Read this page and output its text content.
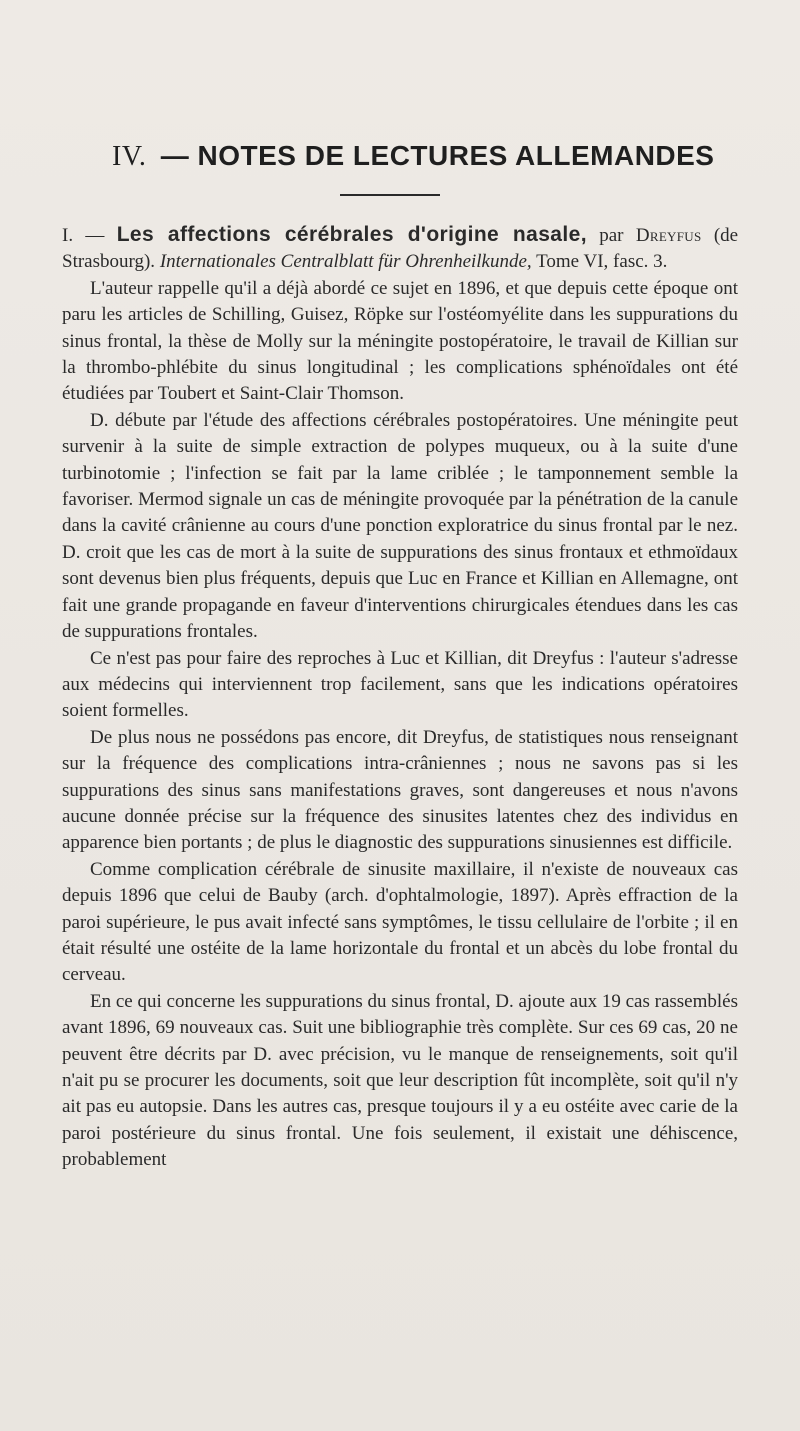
IV. — NOTES DE LECTURES ALLEMANDES

I. — Les affections cérébrales d'origine nasale, par Dreyfus (de Strasbourg). Internationales Centralblatt für Ohrenheilkunde, Tome VI, fasc. 3.

L'auteur rappelle qu'il a déjà abordé ce sujet en 1896, et que depuis cette époque ont paru les articles de Schilling, Guisez, Röpke sur l'ostéomyélite dans les suppurations du sinus frontal, la thèse de Molly sur la méningite postopératoire, le travail de Killian sur la thrombo-phlébite du sinus longitudinal ; les complications sphénoïdales ont été étudiées par Toubert et Saint-Clair Thomson.

D. débute par l'étude des affections cérébrales postopératoires. Une méningite peut survenir à la suite de simple extraction de polypes muqueux, ou à la suite d'une turbinotomie ; l'infection se fait par la lame criblée ; le tamponnement semble la favoriser. Mermod signale un cas de méningite provoquée par la pénétration de la canule dans la cavité crânienne au cours d'une ponction exploratrice du sinus frontal par le nez. D. croit que les cas de mort à la suite de suppurations des sinus frontaux et ethmoïdaux sont devenus bien plus fréquents, depuis que Luc en France et Killian en Allemagne, ont fait une grande propagande en faveur d'interventions chirurgicales étendues dans les cas de suppurations frontales.

Ce n'est pas pour faire des reproches à Luc et Killian, dit Dreyfus : l'auteur s'adresse aux médecins qui interviennent trop facilement, sans que les indications opératoires soient formelles.

De plus nous ne possédons pas encore, dit Dreyfus, de statistiques nous renseignant sur la fréquence des complications intra-crâniennes ; nous ne savons pas si les suppurations des sinus sans manifestations graves, sont dangereuses et nous n'avons aucune donnée précise sur la fréquence des sinusites latentes chez des individus en apparence bien portants ; de plus le diagnostic des suppurations sinusiennes est difficile.

Comme complication cérébrale de sinusite maxillaire, il n'existe de nouveaux cas depuis 1896 que celui de Bauby (arch. d'ophtalmologie, 1897). Après effraction de la paroi supérieure, le pus avait infecté sans symptômes, le tissu cellulaire de l'orbite ; il en était résulté une ostéite de la lame horizontale du frontal et un abcès du lobe frontal du cerveau.

En ce qui concerne les suppurations du sinus frontal, D. ajoute aux 19 cas rassemblés avant 1896, 69 nouveaux cas. Suit une bibliographie très complète. Sur ces 69 cas, 20 ne peuvent être décrits par D. avec précision, vu le manque de renseignements, soit qu'il n'ait pu se procurer les documents, soit que leur description fût incomplète, soit qu'il n'y ait pas eu autopsie. Dans les autres cas, presque toujours il y a eu ostéite avec carie de la paroi postérieure du sinus frontal. Une fois seulement, il existait une déhiscence, probablement
